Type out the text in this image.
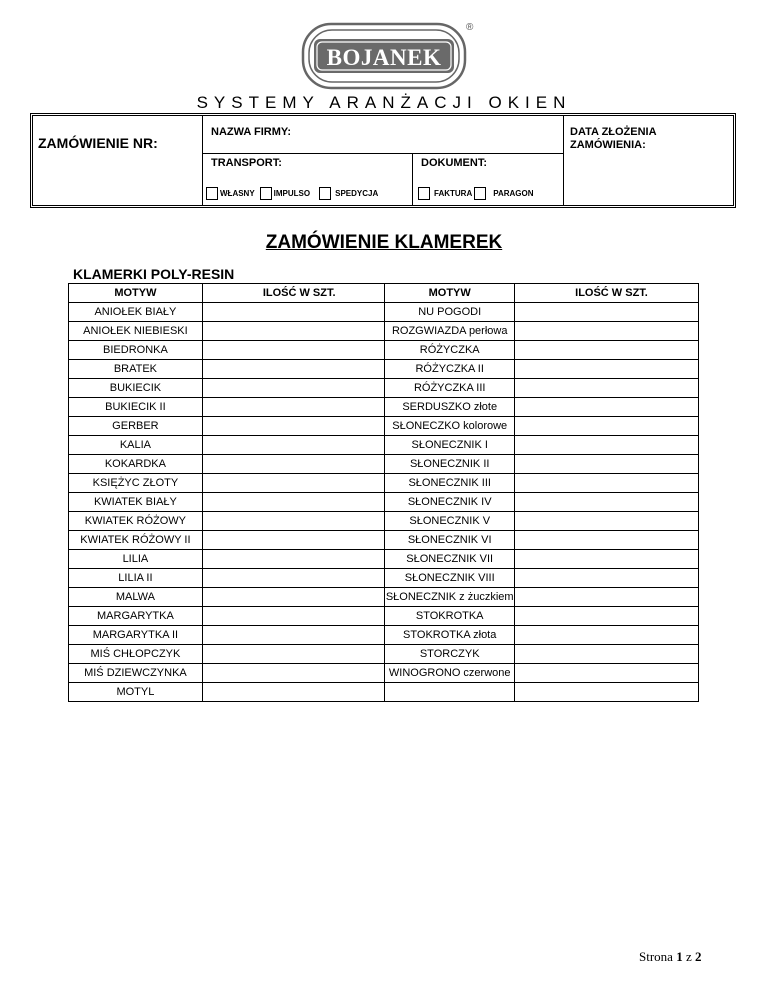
BOJANEK
®
SYSTEMY ARANŻACJI OKIEN
ZAMÓWIENIE NR:
NAZWA FIRMY:	DATA ZŁOŻENIA
ZAMÓWIENIA:
TRANSPORT:
WŁASNY IMPULSO	SPEDYCJA
DOKUMENT:
FAKTURA	PARAGON
ZAMÓWIENIE KLAMEREK
KLAMERKI POLY-RESIN
MOTYW	ILOŚĆ W SZT.	MOTYW	ILOŚĆ W SZT.
ANIOŁEK BIAŁY		NU POGODI	
ANIOŁEK NIEBIESKI		ROZGWIAZDA perłowa	
BIEDRONKA		RÓŻYCZKA	
BRATEK		RÓŻYCZKA II	
BUKIECIK		RÓŻYCZKA III	
BUKIECIK II		SERDUSZKO złote	
GERBER		SŁONECZKO kolorowe	
KALIA		SŁONECZNIK I	
KOKARDKA		SŁONECZNIK II	
KSIĘŻYC ZŁOTY		SŁONECZNIK III	
KWIATEK BIAŁY		SŁONECZNIK IV	
KWIATEK RÓŻOWY		SŁONECZNIK V	
KWIATEK RÓŻOWY II		SŁONECZNIK VI	
LILIA		SŁONECZNIK VII	
LILIA II		SŁONECZNIK VIII	
MALWA		SŁONECZNIK z żuczkiem	
MARGARYTKA		STOKROTKA	
MARGARYTKA II		STOKROTKA złota	
MIŚ CHŁOPCZYK		STORCZYK	
MIŚ DZIEWCZYNKA		WINOGRONO czerwone	
MOTYL			
Strona 1 z 2
